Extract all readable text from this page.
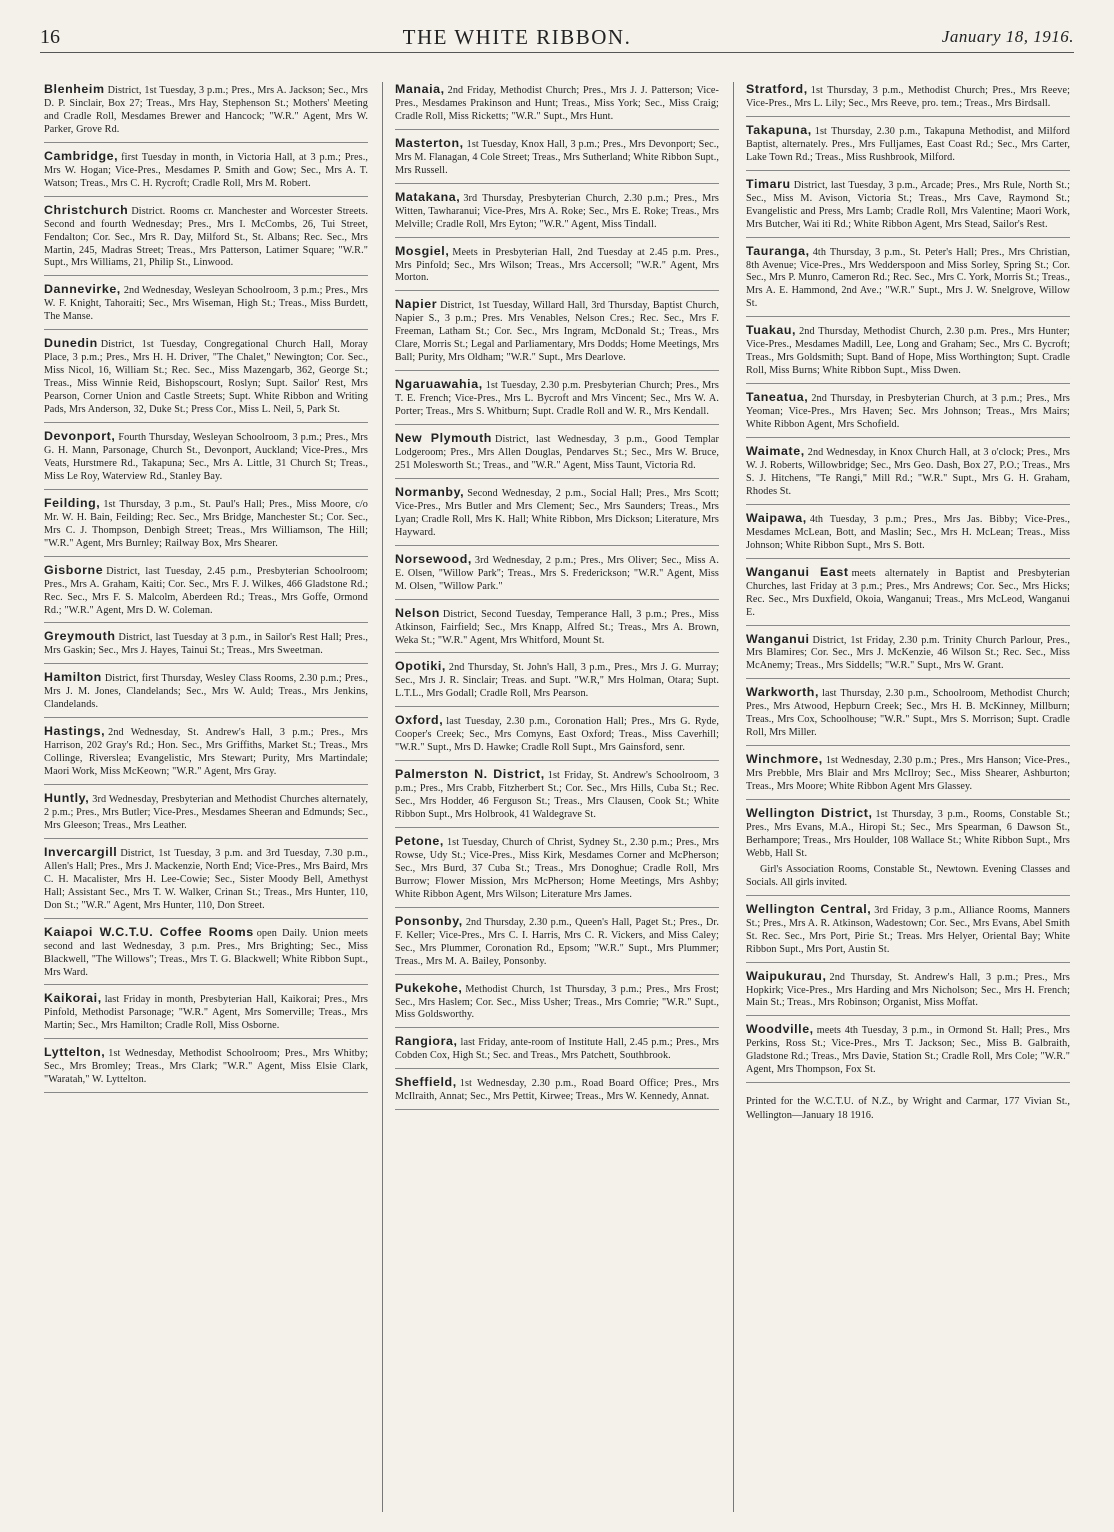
16	THE WHITE RIBBON.	January 18, 1916.
Blenheim District, 1st Tuesday, 3 p.m.; Pres., Mrs A. Jackson; Sec., Mrs D. P. Sinclair, Box 27; Treas., Mrs Hay, Stephenson St.; Mothers' Meeting and Cradle Roll, Mesdames Brewer and Hancock; "W.R." Agent, Mrs W. Parker, Grove Rd.
Cambridge, first Tuesday in month, in Victoria Hall, at 3 p.m.; Pres., Mrs W. Hogan; Vice-Pres., Mesdames P. Smith and Gow; Sec., Mrs A. T. Watson; Treas., Mrs C. H. Rycroft; Cradle Roll, Mrs M. Robert.
Christchurch District. Rooms cr. Manchester and Worcester Streets. Second and fourth Wednesday; Pres., Mrs I. McCombs, 26, Tui Street, Fendalton; Cor. Sec., Mrs R. Day, Milford St., St. Albans; Rec. Sec., Mrs Martin, 245, Madras Street; Treas., Mrs Patterson, Latimer Square; "W.R." Supt., Mrs Williams, 21, Philip St., Linwood.
Dannevirke, 2nd Wednesday, Wesleyan Schoolroom, 3 p.m.; Pres., Mrs W. F. Knight, Tahoraiti; Sec., Mrs Wiseman, High St.; Treas., Miss Burdett, The Manse.
Dunedin District, 1st Tuesday, Congregational Church Hall, Moray Place, 3 p.m.; Pres., Mrs H. H. Driver, "The Chalet," Newington; Cor. Sec., Miss Nicol, 16, William St.; Rec. Sec., Miss Mazengarb, 362, George St.; Treas., Miss Winnie Reid, Bishopscourt, Roslyn; Supt. Sailor' Rest, Mrs Pearson, Corner Union and Castle Streets; Supt. White Ribbon and Writing Pads, Mrs Anderson, 32, Duke St.; Press Cor., Miss L. Neil, 5, Park St.
Devonport, Fourth Thursday, Wesleyan Schoolroom, 3 p.m.; Pres., Mrs G. H. Mann, Parsonage, Church St., Devonport, Auckland; Vice-Pres., Mrs Veats, Hurstmere Rd., Takapuna; Sec., Mrs A. Little, 31 Church St; Treas., Miss Le Roy, Waterview Rd., Stanley Bay.
Feilding, 1st Thursday, 3 p.m., St. Paul's Hall; Pres., Miss Moore, c/o Mr. W. H. Bain, Feilding; Rec. Sec., Mrs Bridge, Manchester St.; Cor. Sec., Mrs C. J. Thompson, Denbigh Street; Treas., Mrs Williamson, The Hill; "W.R." Agent, Mrs Burnley; Railway Box, Mrs Shearer.
Gisborne District, last Tuesday, 2.45 p.m., Presbyterian Schoolroom; Pres., Mrs A. Graham, Kaiti; Cor. Sec., Mrs F. J. Wilkes, 466 Gladstone Rd.; Rec. Sec., Mrs F. S. Malcolm, Aberdeen Rd.; Treas., Mrs Goffe, Ormond Rd.; "W.R." Agent, Mrs D. W. Coleman.
Greymouth District, last Tuesday at 3 p.m., in Sailor's Rest Hall; Pres., Mrs Gaskin; Sec., Mrs J. Hayes, Tainui St.; Treas., Mrs Sweetman.
Hamilton District, first Thursday, Wesley Class Rooms, 2.30 p.m.; Pres., Mrs J. M. Jones, Clandelands; Sec., Mrs W. Auld; Treas., Mrs Jenkins, Clandelands.
Hastings, 2nd Wednesday, St. Andrew's Hall, 3 p.m.; Pres., Mrs Harrison, 202 Gray's Rd.; Hon. Sec., Mrs Griffiths, Market St.; Treas., Mrs Collinge, Riverslea; Evangelistic, Mrs Stewart; Purity, Mrs Martindale; Maori Work, Miss McKeown; "W.R." Agent, Mrs Gray.
Huntly, 3rd Wednesday, Presbyterian and Methodist Churches alternately, 2 p.m.; Pres., Mrs Butler; Vice-Pres., Mesdames Sheeran and Edmunds; Sec., Mrs Gleeson; Treas., Mrs Leather.
Invercargill District, 1st Tuesday, 3 p.m. and 3rd Tuesday, 7.30 p.m., Allen's Hall; Pres., Mrs J. Mackenzie, North End; Vice-Pres., Mrs Baird, Mrs C. H. Macalister, Mrs H. Lee-Cowie; Sec., Sister Moody Bell, Amethyst Hall; Assistant Sec., Mrs T. W. Walker, Crinan St.; Treas., Mrs Hunter, 110, Don St.; "W.R." Agent, Mrs Hunter, 110, Don Street.
Kaiapoi W.C.T.U. Coffee Rooms open Daily. Union meets second and last Wednesday, 3 p.m. Pres., Mrs Brighting; Sec., Miss Blackwell, "The Willows"; Treas., Mrs T. G. Blackwell; White Ribbon Supt., Mrs Ward.
Kaikorai, last Friday in month, Presbyterian Hall, Kaikorai; Pres., Mrs Pinfold, Methodist Parsonage; "W.R." Agent, Mrs Somerville; Treas., Mrs Martin; Sec., Mrs Hamilton; Cradle Roll, Miss Osborne.
Lyttelton, 1st Wednesday, Methodist Schoolroom; Pres., Mrs Whitby; Sec., Mrs Bromley; Treas., Mrs Clark; "W.R." Agent, Miss Elsie Clark, "Waratah," W. Lyttelton.
Manaia, 2nd Friday, Methodist Church; Pres., Mrs J. J. Patterson; Vice-Pres., Mesdames Prakinson and Hunt; Treas., Miss York; Sec., Miss Craig; Cradle Roll, Miss Ricketts; "W.R." Supt., Mrs Hunt.
Masterton, 1st Tuesday, Knox Hall, 3 p.m.; Pres., Mrs Devonport; Sec., Mrs M. Flanagan, 4 Cole Street; Treas., Mrs Sutherland; White Ribbon Supt., Mrs Russell.
Matakana, 3rd Thursday, Presbyterian Church, 2.30 p.m.; Pres., Mrs Witten, Tawharanui; Vice-Pres, Mrs A. Roke; Sec., Mrs E. Roke; Treas., Mrs Melville; Cradle Roll, Mrs Eyton; "W.R." Agent, Miss Tindall.
Mosgiel, Meets in Presbyterian Hall, 2nd Tuesday at 2.45 p.m. Pres., Mrs Pinfold; Sec., Mrs Wilson; Treas., Mrs Accersoll; "W.R." Agent, Mrs Morton.
Napier District, 1st Tuesday, Willard Hall, 3rd Thursday, Baptist Church, Napier S., 3 p.m.; Pres. Mrs Venables, Nelson Cres.; Rec. Sec., Mrs F. Freeman, Latham St.; Cor. Sec., Mrs Ingram, McDonald St.; Treas., Mrs Clare, Morris St.; Legal and Parliamentary, Mrs Dodds; Home Meetings, Mrs Ball; Purity, Mrs Oldham; "W.R." Supt., Mrs Dearlove.
Ngaruawahia, 1st Tuesday, 2.30 p.m. Presbyterian Church; Pres., Mrs T. E. French; Vice-Pres., Mrs L. Bycroft and Mrs Vincent; Sec., Mrs W. A. Porter; Treas., Mrs S. Whitburn; Supt. Cradle Roll and W. R., Mrs Kendall.
New Plymouth District, last Wednesday, 3 p.m., Good Templar Lodgeroom; Pres., Mrs Allen Douglas, Pendarves St.; Sec., Mrs W. Bruce, 251 Molesworth St.; Treas., and "W.R." Agent, Miss Taunt, Victoria Rd.
Normanby, Second Wednesday, 2 p.m., Social Hall; Pres., Mrs Scott; Vice-Pres., Mrs Butler and Mrs Clement; Sec., Mrs Saunders; Treas., Mrs Lyan; Cradle Roll, Mrs K. Hall; White Ribbon, Mrs Dickson; Literature, Mrs Hayward.
Norsewood, 3rd Wednesday, 2 p.m.; Pres., Mrs Oliver; Sec., Miss A. E. Olsen, "Willow Park"; Treas., Mrs S. Frederickson; "W.R." Agent, Miss M. Olsen, "Willow Park."
Nelson District, Second Tuesday, Temperance Hall, 3 p.m.; Pres., Miss Atkinson, Fairfield; Sec., Mrs Knapp, Alfred St.; Treas., Mrs A. Brown, Weka St.; "W.R." Agent, Mrs Whitford, Mount St.
Opotiki, 2nd Thursday, St. John's Hall, 3 p.m., Pres., Mrs J. G. Murray; Sec., Mrs J. R. Sinclair; Treas. and Supt. "W.R," Mrs Holman, Otara; Supt. L.T.L., Mrs Godall; Cradle Roll, Mrs Pearson.
Oxford, last Tuesday, 2.30 p.m., Coronation Hall; Pres., Mrs G. Ryde, Cooper's Creek; Sec., Mrs Comyns, East Oxford; Treas., Miss Caverhill; "W.R." Supt., Mrs D. Hawke; Cradle Roll Supt., Mrs Gainsford, senr.
Palmerston N. District, 1st Friday, St. Andrew's Schoolroom, 3 p.m.; Pres., Mrs Crabb, Fitzherbert St.; Cor. Sec., Mrs Hills, Cuba St.; Rec. Sec., Mrs Hodder, 46 Ferguson St.; Treas., Mrs Clausen, Cook St.; White Ribbon Supt., Mrs Holbrook, 41 Waldegrave St.
Petone, 1st Tuesday, Church of Christ, Sydney St., 2.30 p.m.; Pres., Mrs Rowse, Udy St.; Vice-Pres., Miss Kirk, Mesdames Corner and McPherson; Sec., Mrs Burd, 37 Cuba St.; Treas., Mrs Donoghue; Cradle Roll, Mrs Burrow; Flower Mission, Mrs McPherson; Home Meetings, Mrs Ashby; White Ribbon Agent, Mrs Wilson; Literature Mrs James.
Ponsonby, 2nd Thursday, 2.30 p.m., Queen's Hall, Paget St.; Pres., Dr. F. Keller; Vice-Pres., Mrs C. I. Harris, Mrs C. R. Vickers, and Miss Caley; Sec., Mrs Plummer, Coronation Rd., Epsom; "W.R." Supt., Mrs Plummer; Treas., Mrs M. A. Bailey, Ponsonby.
Pukekohe, Methodist Church, 1st Thursday, 3 p.m.; Pres., Mrs Frost; Sec., Mrs Haslem; Cor. Sec., Miss Usher; Treas., Mrs Comrie; "W.R." Supt., Miss Goldsworthy.
Rangiora, last Friday, ante-room of Institute Hall, 2.45 p.m.; Pres., Mrs Cobden Cox, High St.; Sec. and Treas., Mrs Patchett, Southbrook.
Sheffield, 1st Wednesday, 2.30 p.m., Road Board Office; Pres., Mrs McIlraith, Annat; Sec., Mrs Pettit, Kirwee; Treas., Mrs W. Kennedy, Annat.
Stratford, 1st Thursday, 3 p.m., Methodist Church; Pres., Mrs Reeve; Vice-Pres., Mrs L. Lily; Sec., Mrs Reeve, pro. tem.; Treas., Mrs Birdsall.
Takapuna, 1st Thursday, 2.30 p.m., Takapuna Methodist, and Milford Baptist, alternately. Pres., Mrs Fulljames, East Coast Rd.; Sec., Mrs Carter, Lake Town Rd.; Treas., Miss Rushbrook, Milford.
Timaru District, last Tuesday, 3 p.m., Arcade; Pres., Mrs Rule, North St.; Sec., Miss M. Avison, Victoria St.; Treas., Mrs Cave, Raymond St.; Evangelistic and Press, Mrs Lamb; Cradle Roll, Mrs Valentine; Maori Work, Mrs Butcher, Wai iti Rd.; White Ribbon Agent, Mrs Stead, Sailor's Rest.
Tauranga, 4th Thursday, 3 p.m., St. Peter's Hall; Pres., Mrs Christian, 8th Avenue; Vice-Pres., Mrs Wedderspoon and Miss Sorley, Spring St.; Cor. Sec., Mrs P. Munro, Cameron Rd.; Rec. Sec., Mrs C. York, Morris St.; Treas., Mrs A. E. Hammond, 2nd Ave.; "W.R." Supt., Mrs J. W. Snelgrove, Willow St.
Tuakau, 2nd Thursday, Methodist Church, 2.30 p.m. Pres., Mrs Hunter; Vice-Pres., Mesdames Madill, Lee, Long and Graham; Sec., Mrs C. Bycroft; Treas., Mrs Goldsmith; Supt. Band of Hope, Miss Worthington; Supt. Cradle Roll, Miss Burns; White Ribbon Supt., Miss Dwen.
Taneatua, 2nd Thursday, in Presbyterian Church, at 3 p.m.; Pres., Mrs Yeoman; Vice-Pres., Mrs Haven; Sec. Mrs Johnson; Treas., Mrs Mairs; White Ribbon Agent, Mrs Schofield.
Waimate, 2nd Wednesday, in Knox Church Hall, at 3 o'clock; Pres., Mrs W. J. Roberts, Willowbridge; Sec., Mrs Geo. Dash, Box 27, P.O.; Treas., Mrs S. J. Hitchens, "Te Rangi," Mill Rd.; "W.R." Supt., Mrs G. H. Graham, Rhodes St.
Waipawa, 4th Tuesday, 3 p.m.; Pres., Mrs Jas. Bibby; Vice-Pres., Mesdames McLean, Bott, and Maslin; Sec., Mrs H. McLean; Treas., Miss Johnson; White Ribbon Supt., Mrs S. Bott.
Wanganui East meets alternately in Baptist and Presbyterian Churches, last Friday at 3 p.m.; Pres., Mrs Andrews; Cor. Sec., Mrs Hicks; Rec. Sec., Mrs Duxfield, Okoia, Wanganui; Treas., Mrs McLeod, Wanganui E.
Wanganui District, 1st Friday, 2.30 p.m. Trinity Church Parlour, Pres., Mrs Blamires; Cor. Sec., Mrs J. McKenzie, 46 Wilson St.; Rec. Sec., Miss McAnemy; Treas., Mrs Siddells; "W.R." Supt., Mrs W. Grant.
Warkworth, last Thursday, 2.30 p.m., Schoolroom, Methodist Church; Pres., Mrs Atwood, Hepburn Creek; Sec., Mrs H. B. McKinney, Millburn; Treas., Mrs Cox, Schoolhouse; "W.R." Supt., Mrs S. Morrison; Supt. Cradle Roll, Mrs Miller.
Winchmore, 1st Wednesday, 2.30 p.m.; Pres., Mrs Hanson; Vice-Pres., Mrs Prebble, Mrs Blair and Mrs McIlroy; Sec., Miss Shearer, Ashburton; Treas., Mrs Moore; White Ribbon Agent Mrs Glassey.
Wellington District, 1st Thursday, 3 p.m., Rooms, Constable St.; Pres., Mrs Evans, M.A., Hiropi St.; Sec., Mrs Spearman, 6 Dawson St., Berhampore; Treas., Mrs Houlder, 108 Wallace St.; White Ribbon Supt., Mrs Webb, Hall St.
Girl's Association Rooms, Constable St., Newtown. Evening Classes and Socials. All girls invited.
Wellington Central, 3rd Friday, 3 p.m., Alliance Rooms, Manners St.; Pres., Mrs A. R. Atkinson, Wadestown; Cor. Sec., Mrs Evans, Abel Smith St. Rec. Sec., Mrs Port, Pirie St.; Treas. Mrs Helyer, Oriental Bay; White Ribbon Supt., Mrs Port, Austin St.
Waipukurau, 2nd Thursday, St. Andrew's Hall, 3 p.m.; Pres., Mrs Hopkirk; Vice-Pres., Mrs Harding and Mrs Nicholson; Sec., Mrs H. French; Main St.; Treas., Mrs Robinson; Organist, Miss Moffat.
Woodville, meets 4th Tuesday, 3 p.m., in Ormond St. Hall; Pres., Mrs Perkins, Ross St.; Vice-Pres., Mrs T. Jackson; Sec., Miss B. Galbraith, Gladstone Rd.; Treas., Mrs Davie, Station St.; Cradle Roll, Mrs Cole; "W.R." Agent, Mrs Thompson, Fox St.
Printed for the W.C.T.U. of N.Z., by Wright and Carmar, 177 Vivian St., Wellington—January 18 1916.
